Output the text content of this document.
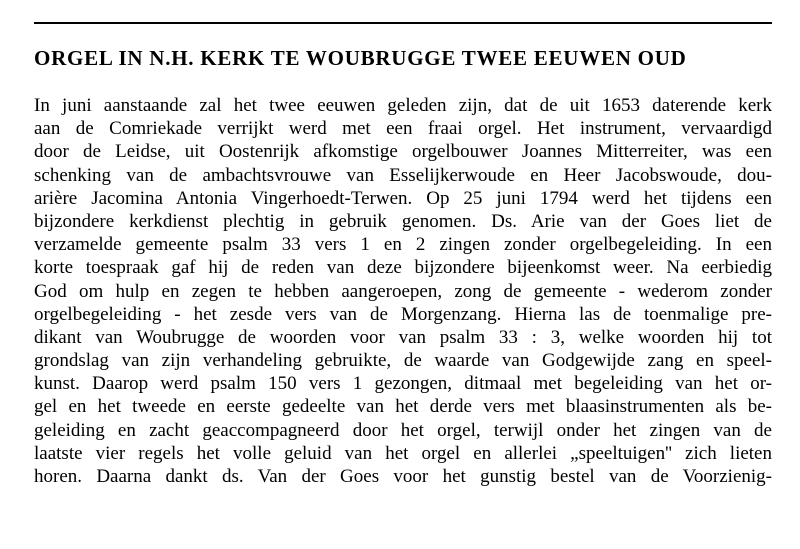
ORGEL IN N.H. KERK TE WOUBRUGGE TWEE EEUWEN OUD
In juni aanstaande zal het twee eeuwen geleden zijn, dat de uit 1653 daterende kerk
aan de Comriekade verrijkt werd met een fraai orgel. Het instrument, vervaardigd
door de Leidse, uit Oostenrijk afkomstige orgelbouwer Joannes Mitterreiter, was een
schenking van de ambachtsvrouwe van Esselijkerwoude en Heer Jacobswoude, dou-
arière Jacomina Antonia Vingerhoedt-Terwen. Op 25 juni 1794 werd het tijdens een
bijzondere kerkdienst plechtig in gebruik genomen. Ds. Arie van der Goes liet de
verzamelde gemeente psalm 33 vers 1 en 2 zingen zonder orgelbegeleiding. In een
korte toespraak gaf hij de reden van deze bijzondere bijeenkomst weer. Na eerbiedig
God om hulp en zegen te hebben aangeroepen, zong de gemeente - wederom zonder
orgelbegeleiding - het zesde vers van de Morgenzang. Hierna las de toenmalige pre-
dikant van Woubrugge de woorden voor van psalm 33 : 3, welke woorden hij tot
grondslag van zijn verhandeling gebruikte, de waarde van Godgewijde zang en speel-
kunst. Daarop werd psalm 150 vers 1 gezongen, ditmaal met begeleiding van het or-
gel en het tweede en eerste gedeelte van het derde vers met blaasinstrumenten als be-
geleiding en zacht geaccompagneerd door het orgel, terwijl onder het zingen van de
laatste vier regels het volle geluid van het orgel en allerlei „speeltuigen'' zich lieten
horen. Daarna dankt ds. Van der Goes voor het gunstig bestel van de Voorzienig-
